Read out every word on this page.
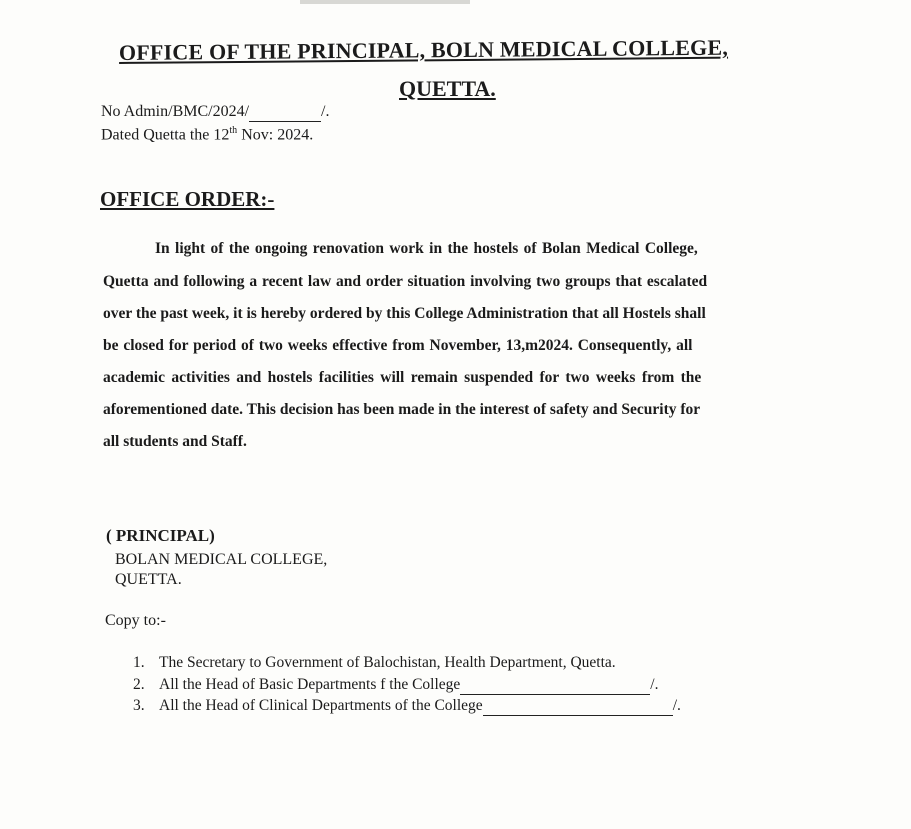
OFFICE OF THE PRINCIPAL, BOLN MEDICAL COLLEGE,
QUETTA.
No Admin/BMC/2024/	/.
Dated Quetta the 12th Nov: 2024.
OFFICE ORDER:-
In light of the ongoing renovation work in the hostels of Bolan Medical College,
Quetta and following a recent law and order situation involving two groups that escalated
over the past week, it is hereby ordered by this College Administration that all Hostels shall
be closed for period of two weeks effective from November, 13,m2024. Consequently, all
academic activities and hostels facilities will remain suspended for two weeks from the
aforementioned date. This decision has been made in the interest of safety and Security for
all students and Staff.
( PRINCIPAL)
BOLAN MEDICAL COLLEGE,
QUETTA.
Copy to:-
1. The Secretary to Government of Balochistan, Health Department, Quetta.
2. All the Head of Basic Departments f the College	/.
3. All the Head of Clinical Departments of the College	/.
